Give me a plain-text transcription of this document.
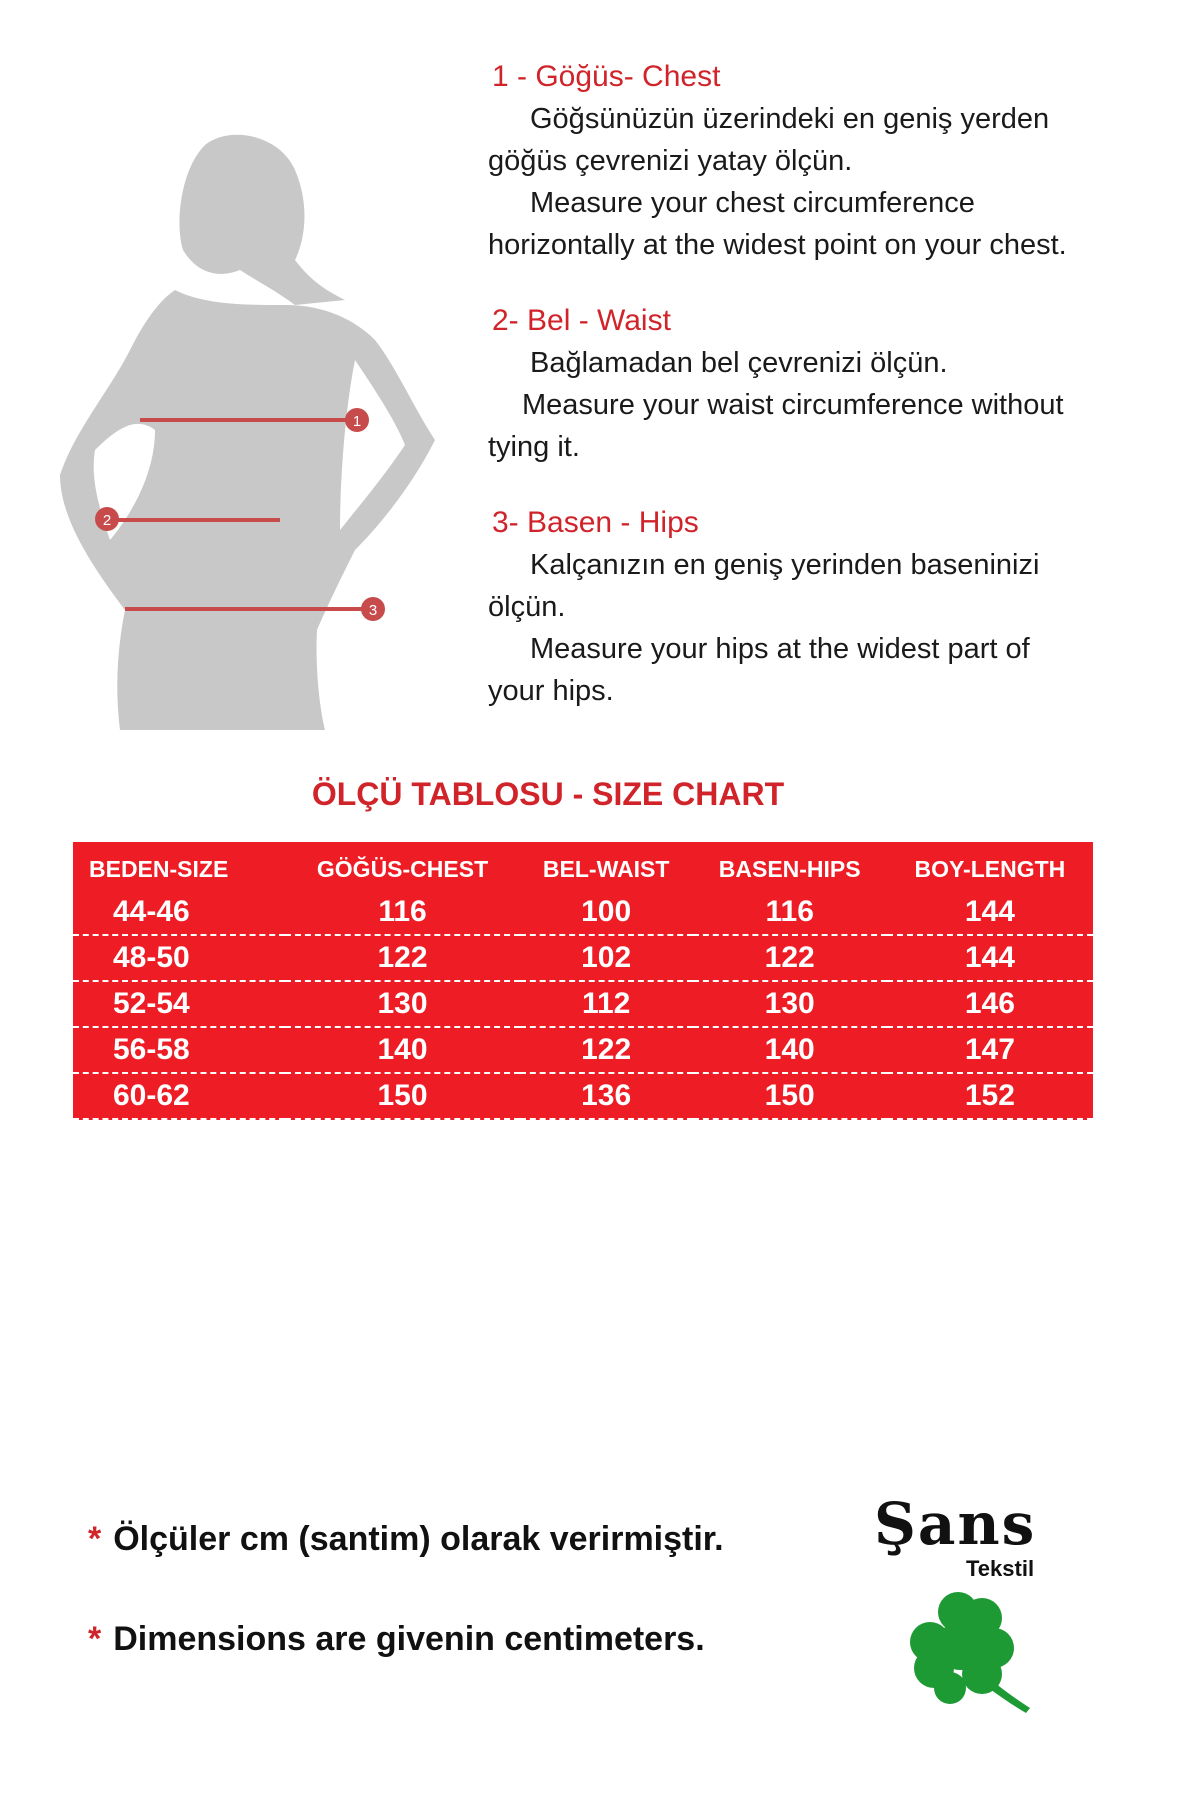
1
2
3

1 - Göğüs- Chest

Göğsünüzün üzerindeki en geniş yerden
göğüs çevrenizi yatay ölçün.
Measure your chest circumference
horizontally at the widest point on your chest.

2- Bel - Waist

Bağlamadan bel çevrenizi ölçün.
Measure your waist circumference without
tying it.

3- Basen - Hips

Kalçanızın en geniş yerinden baseninizi
ölçün.
Measure your hips at the widest part of
your hips.

ÖLÇÜ TABLOSU - SIZE CHART
BEDEN-SIZE	GÖĞÜS-CHEST	BEL-WAIST	BASEN-HIPS	BOY-LENGTH
44-46	116	100	116	144
48-50	122	102	122	144
52-54	130	112	130	146
56-58	140	122	140	147
60-62	150	136	150	152
* Ölçüler cm (santim) olarak verirmiştir.
* Dimensions are givenin centimeters.
Şans
Tekstil
